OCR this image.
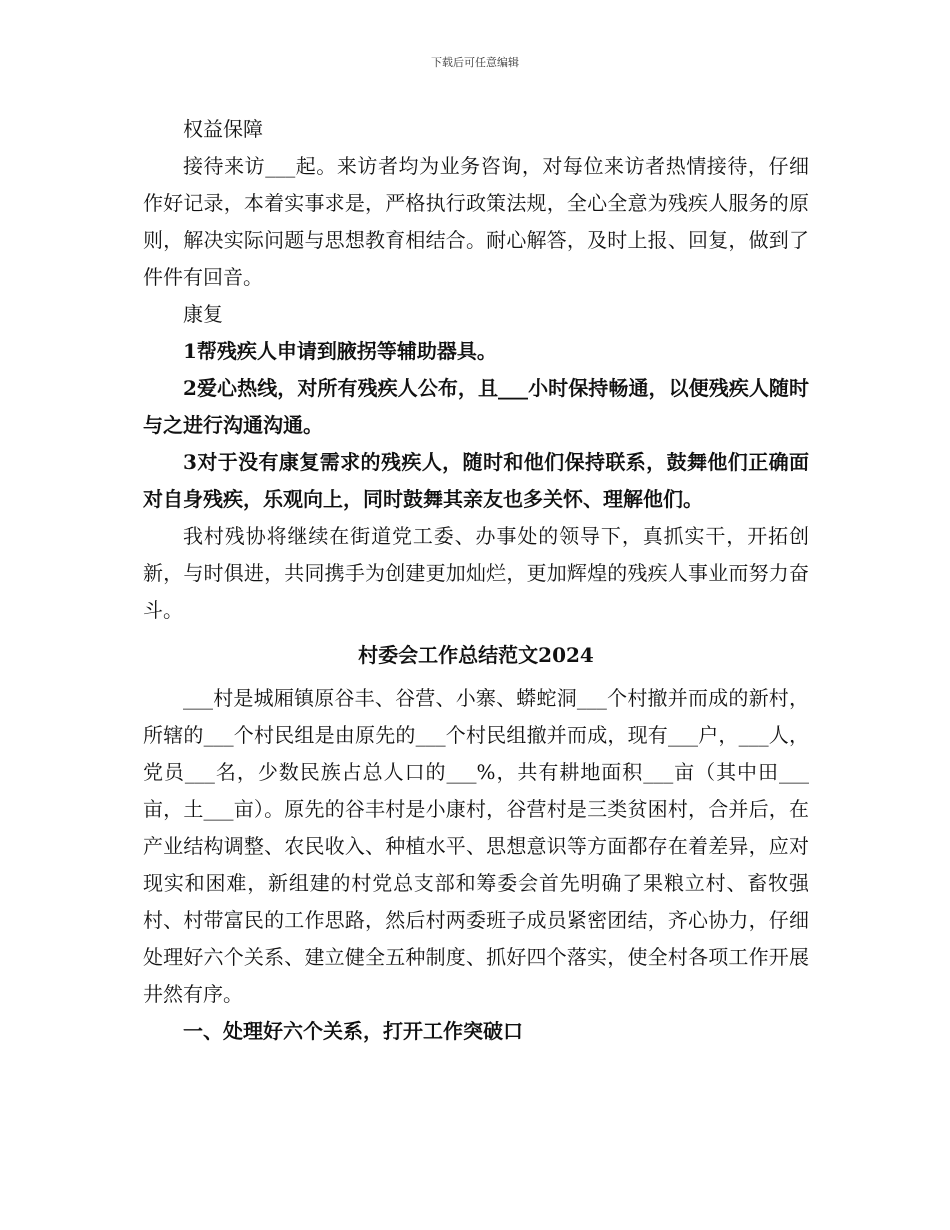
下载后可任意编辑

权益保障

接待来访___起。来访者均为业务咨询，对每位来访者热情接待，仔细作好记录，本着实事求是，严格执行政策法规，全心全意为残疾人服务的原则，解决实际问题与思想教育相结合。耐心解答，及时上报、回复，做到了件件有回音。

康复

1帮残疾人申请到腋拐等辅助器具。

2爱心热线，对所有残疾人公布，且___小时保持畅通，以便残疾人随时与之进行沟通沟通。

3对于没有康复需求的残疾人，随时和他们保持联系，鼓舞他们正确面对自身残疾，乐观向上，同时鼓舞其亲友也多关怀、理解他们。

我村残协将继续在街道党工委、办事处的领导下，真抓实干，开拓创新，与时俱进，共同携手为创建更加灿烂，更加辉煌的残疾人事业而努力奋斗。

村委会工作总结范文2024

___村是城厢镇原谷丰、谷营、小寨、蟒蛇洞___个村撤并而成的新村，所辖的___个村民组是由原先的___个村民组撤并而成，现有___户，___人，党员___名，少数民族占总人口的___%，共有耕地面积___亩（其中田___亩，土___亩）。原先的谷丰村是小康村，谷营村是三类贫困村，合并后，在产业结构调整、农民收入、种植水平、思想意识等方面都存在着差异，应对现实和困难，新组建的村党总支部和筹委会首先明确了果粮立村、畜牧强村、村带富民的工作思路，然后村两委班子成员紧密团结，齐心协力，仔细处理好六个关系、建立健全五种制度、抓好四个落实，使全村各项工作开展井然有序。

一、处理好六个关系，打开工作突破口
